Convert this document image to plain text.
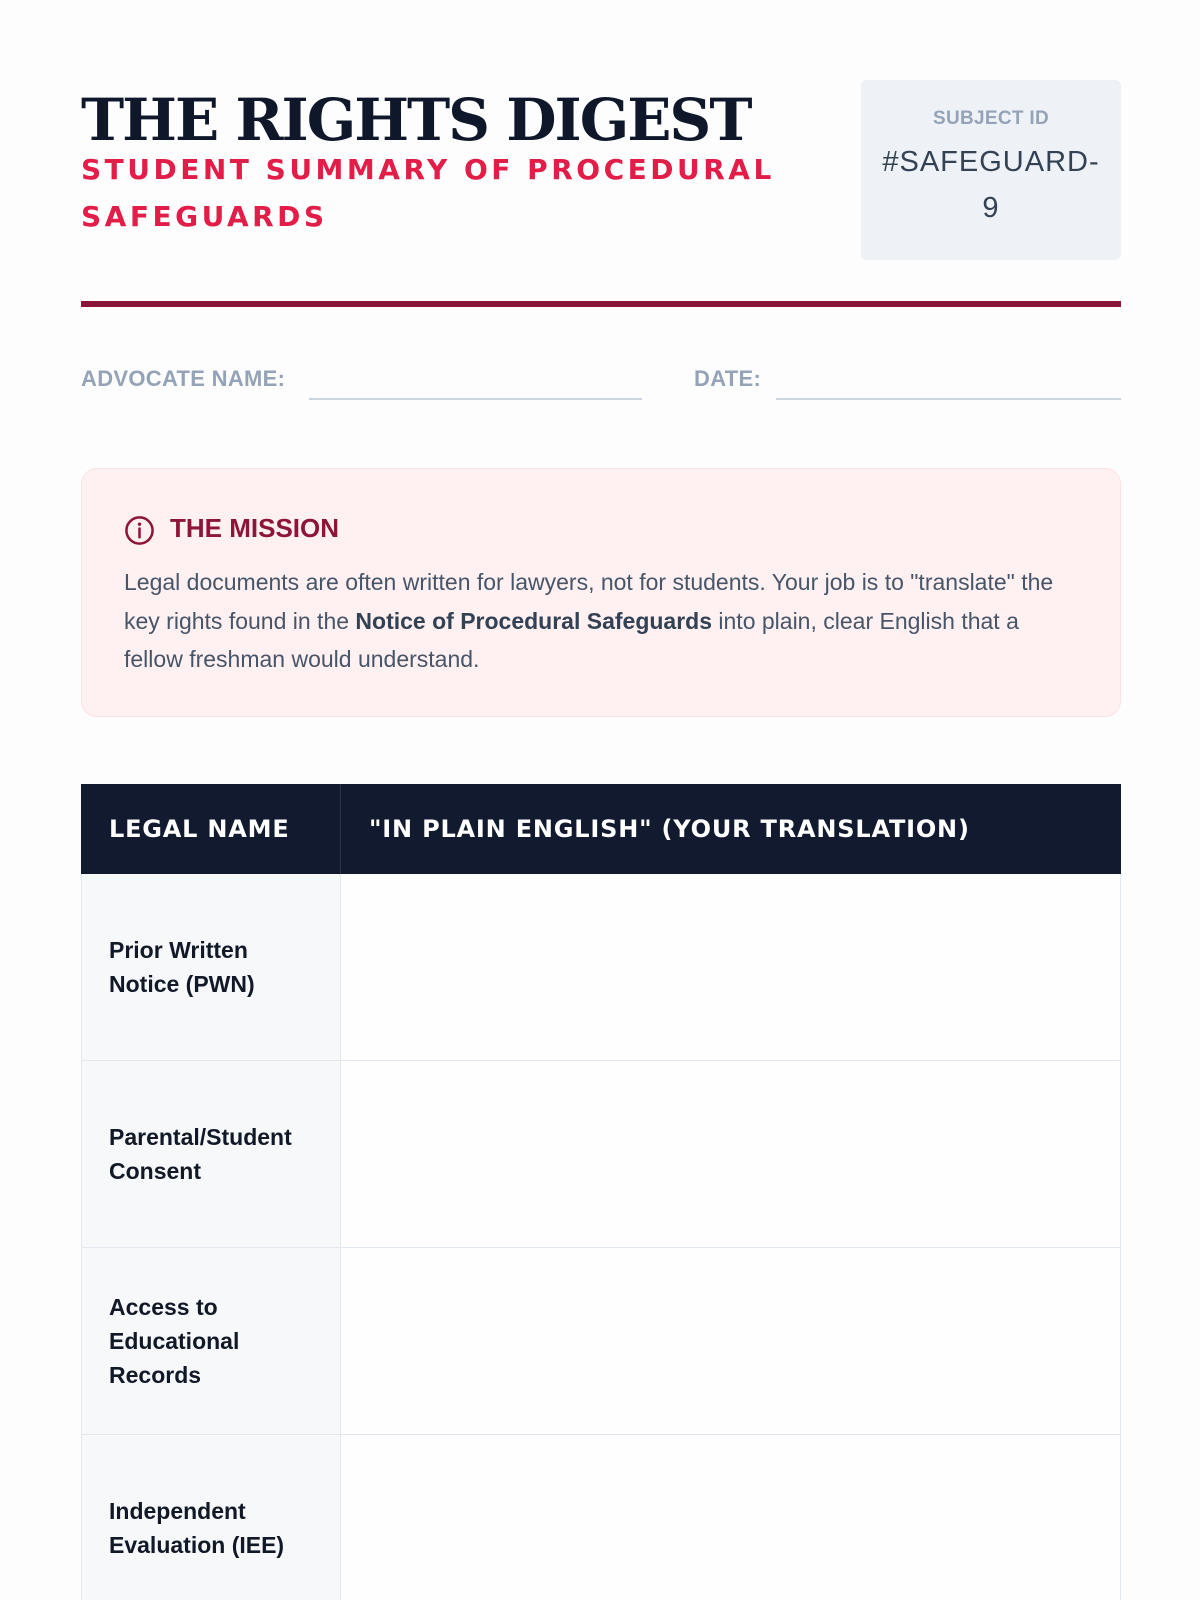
THE RIGHTS DIGEST
STUDENT SUMMARY OF PROCEDURAL SAFEGUARDS
SUBJECT ID
#SAFEGUARD-9
ADVOCATE NAME:	DATE:
THE MISSION
Legal documents are often written for lawyers, not for students. Your job is to "translate" the key rights found in the Notice of Procedural Safeguards into plain, clear English that a fellow freshman would understand.
LEGAL NAME	"IN PLAIN ENGLISH" (YOUR TRANSLATION)
Prior Written Notice (PWN)
Parental/Student Consent
Access to Educational Records
Independent Evaluation (IEE)
